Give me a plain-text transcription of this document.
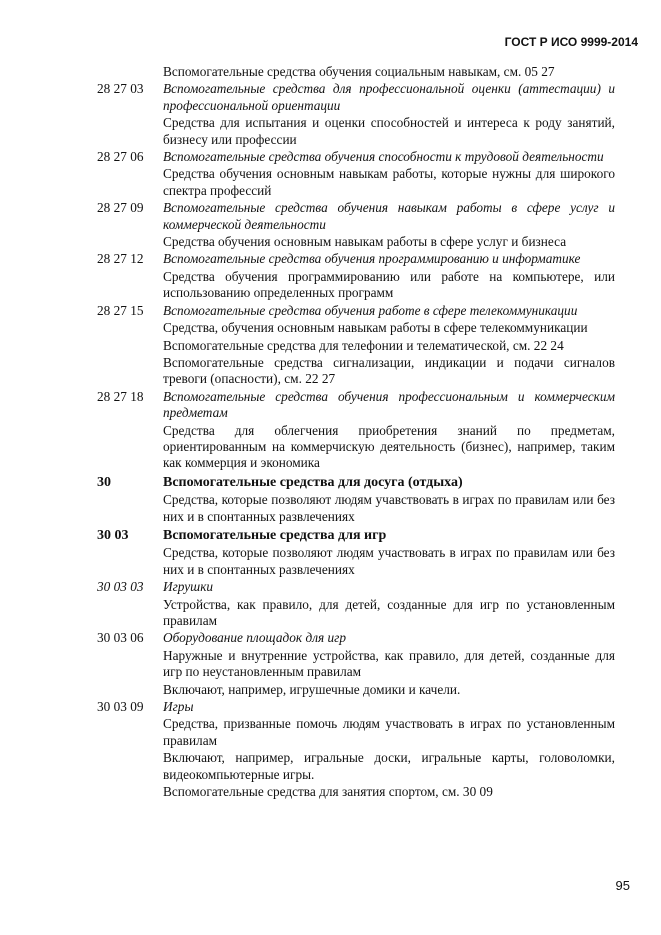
ГОСТ Р ИСО 9999-2014
Вспомогательные средства обучения социальным навыкам, см. 05 27
28 27 03	Вспомогательные средства для профессиональной оценки (аттестации) и профессиональной ориентации
Средства для испытания и оценки способностей и интереса к роду занятий, бизнесу или профессии
28 27 06	Вспомогательные средства обучения способности к трудовой деятельности
Средства обучения основным навыкам работы, которые нужны для широкого спектра профессий
28 27 09	Вспомогательные средства обучения навыкам работы в сфере услуг и коммерческой деятельности
Средства обучения основным навыкам работы в сфере услуг и бизнеса
28 27 12	Вспомогательные средства обучения программированию и информатике
Средства обучения программированию или работе на компьютере, или использованию определенных программ
28 27 15	Вспомогательные средства обучения работе в сфере телекоммуникации
Средства, обучения основным навыкам работы в сфере телекоммуникации
Вспомогательные средства для телефонии и телематической, см. 22 24
Вспомогательные средства сигнализации, индикации и подачи сигналов тревоги (опасности), см. 22 27
28 27 18	Вспомогательные средства обучения профессиональным и коммерческим предметам
Средства для облегчения приобретения знаний по предметам, ориентированным на коммерчискую деятельность (бизнес), например, таким как коммерция и экономика
30	Вспомогательные средства для досуга (отдыха)
Средства, которые позволяют людям учавствовать в играх по правилам или без них и в спонтанных развлечениях
30 03	Вспомогательные средства для игр
Средства, которые позволяют людям участвовать в играх по правилам или без них и в спонтанных развлечениях
30 03 03	Игрушки
Устройства, как правило, для детей, созданные для игр по установленным правилам
30 03 06	Оборудование площадок для игр
Наружные и внутренние устройства, как правило, для детей, созданные для игр по неустановленным правилам
Включают, например, игрушечные домики и качели.
30 03 09	Игры
Средства, призванные помочь людям участвовать в играх по установленным правилам
Включают, например, игральные доски, игральные карты, головоломки, видеокомпьютерные игры.
Вспомогательные средства для занятия спортом, см. 30 09
95
